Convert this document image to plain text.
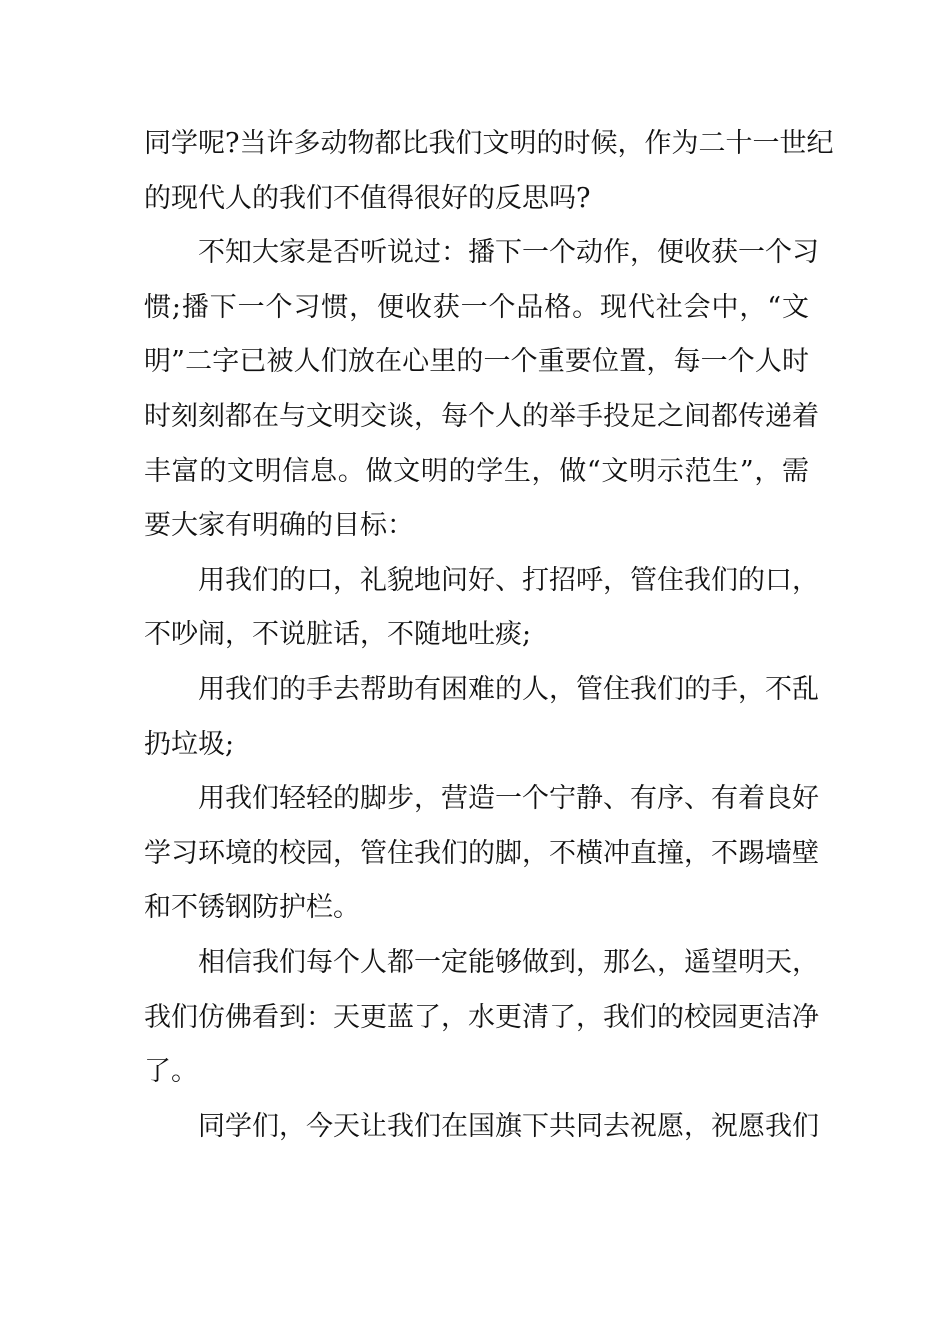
同学呢?当许多动物都比我们文明的时候，作为二十一世纪
的现代人的我们不值得很好的反思吗?
不知大家是否听说过：播下一个动作，便收获一个习
惯;播下一个习惯，便收获一个品格。现代社会中，“文
明”二字已被人们放在心里的一个重要位置，每一个人时
时刻刻都在与文明交谈，每个人的举手投足之间都传递着
丰富的文明信息。做文明的学生，做“文明示范生”，需
要大家有明确的目标：
用我们的口，礼貌地问好、打招呼，管住我们的口，
不吵闹，不说脏话，不随地吐痰;
用我们的手去帮助有困难的人，管住我们的手，不乱
扔垃圾;
用我们轻轻的脚步，营造一个宁静、有序、有着良好
学习环境的校园，管住我们的脚，不横冲直撞，不踢墙壁
和不锈钢防护栏。
相信我们每个人都一定能够做到，那么，遥望明天，
我们仿佛看到：天更蓝了，水更清了，我们的校园更洁净
了。
同学们，今天让我们在国旗下共同去祝愿，祝愿我们
